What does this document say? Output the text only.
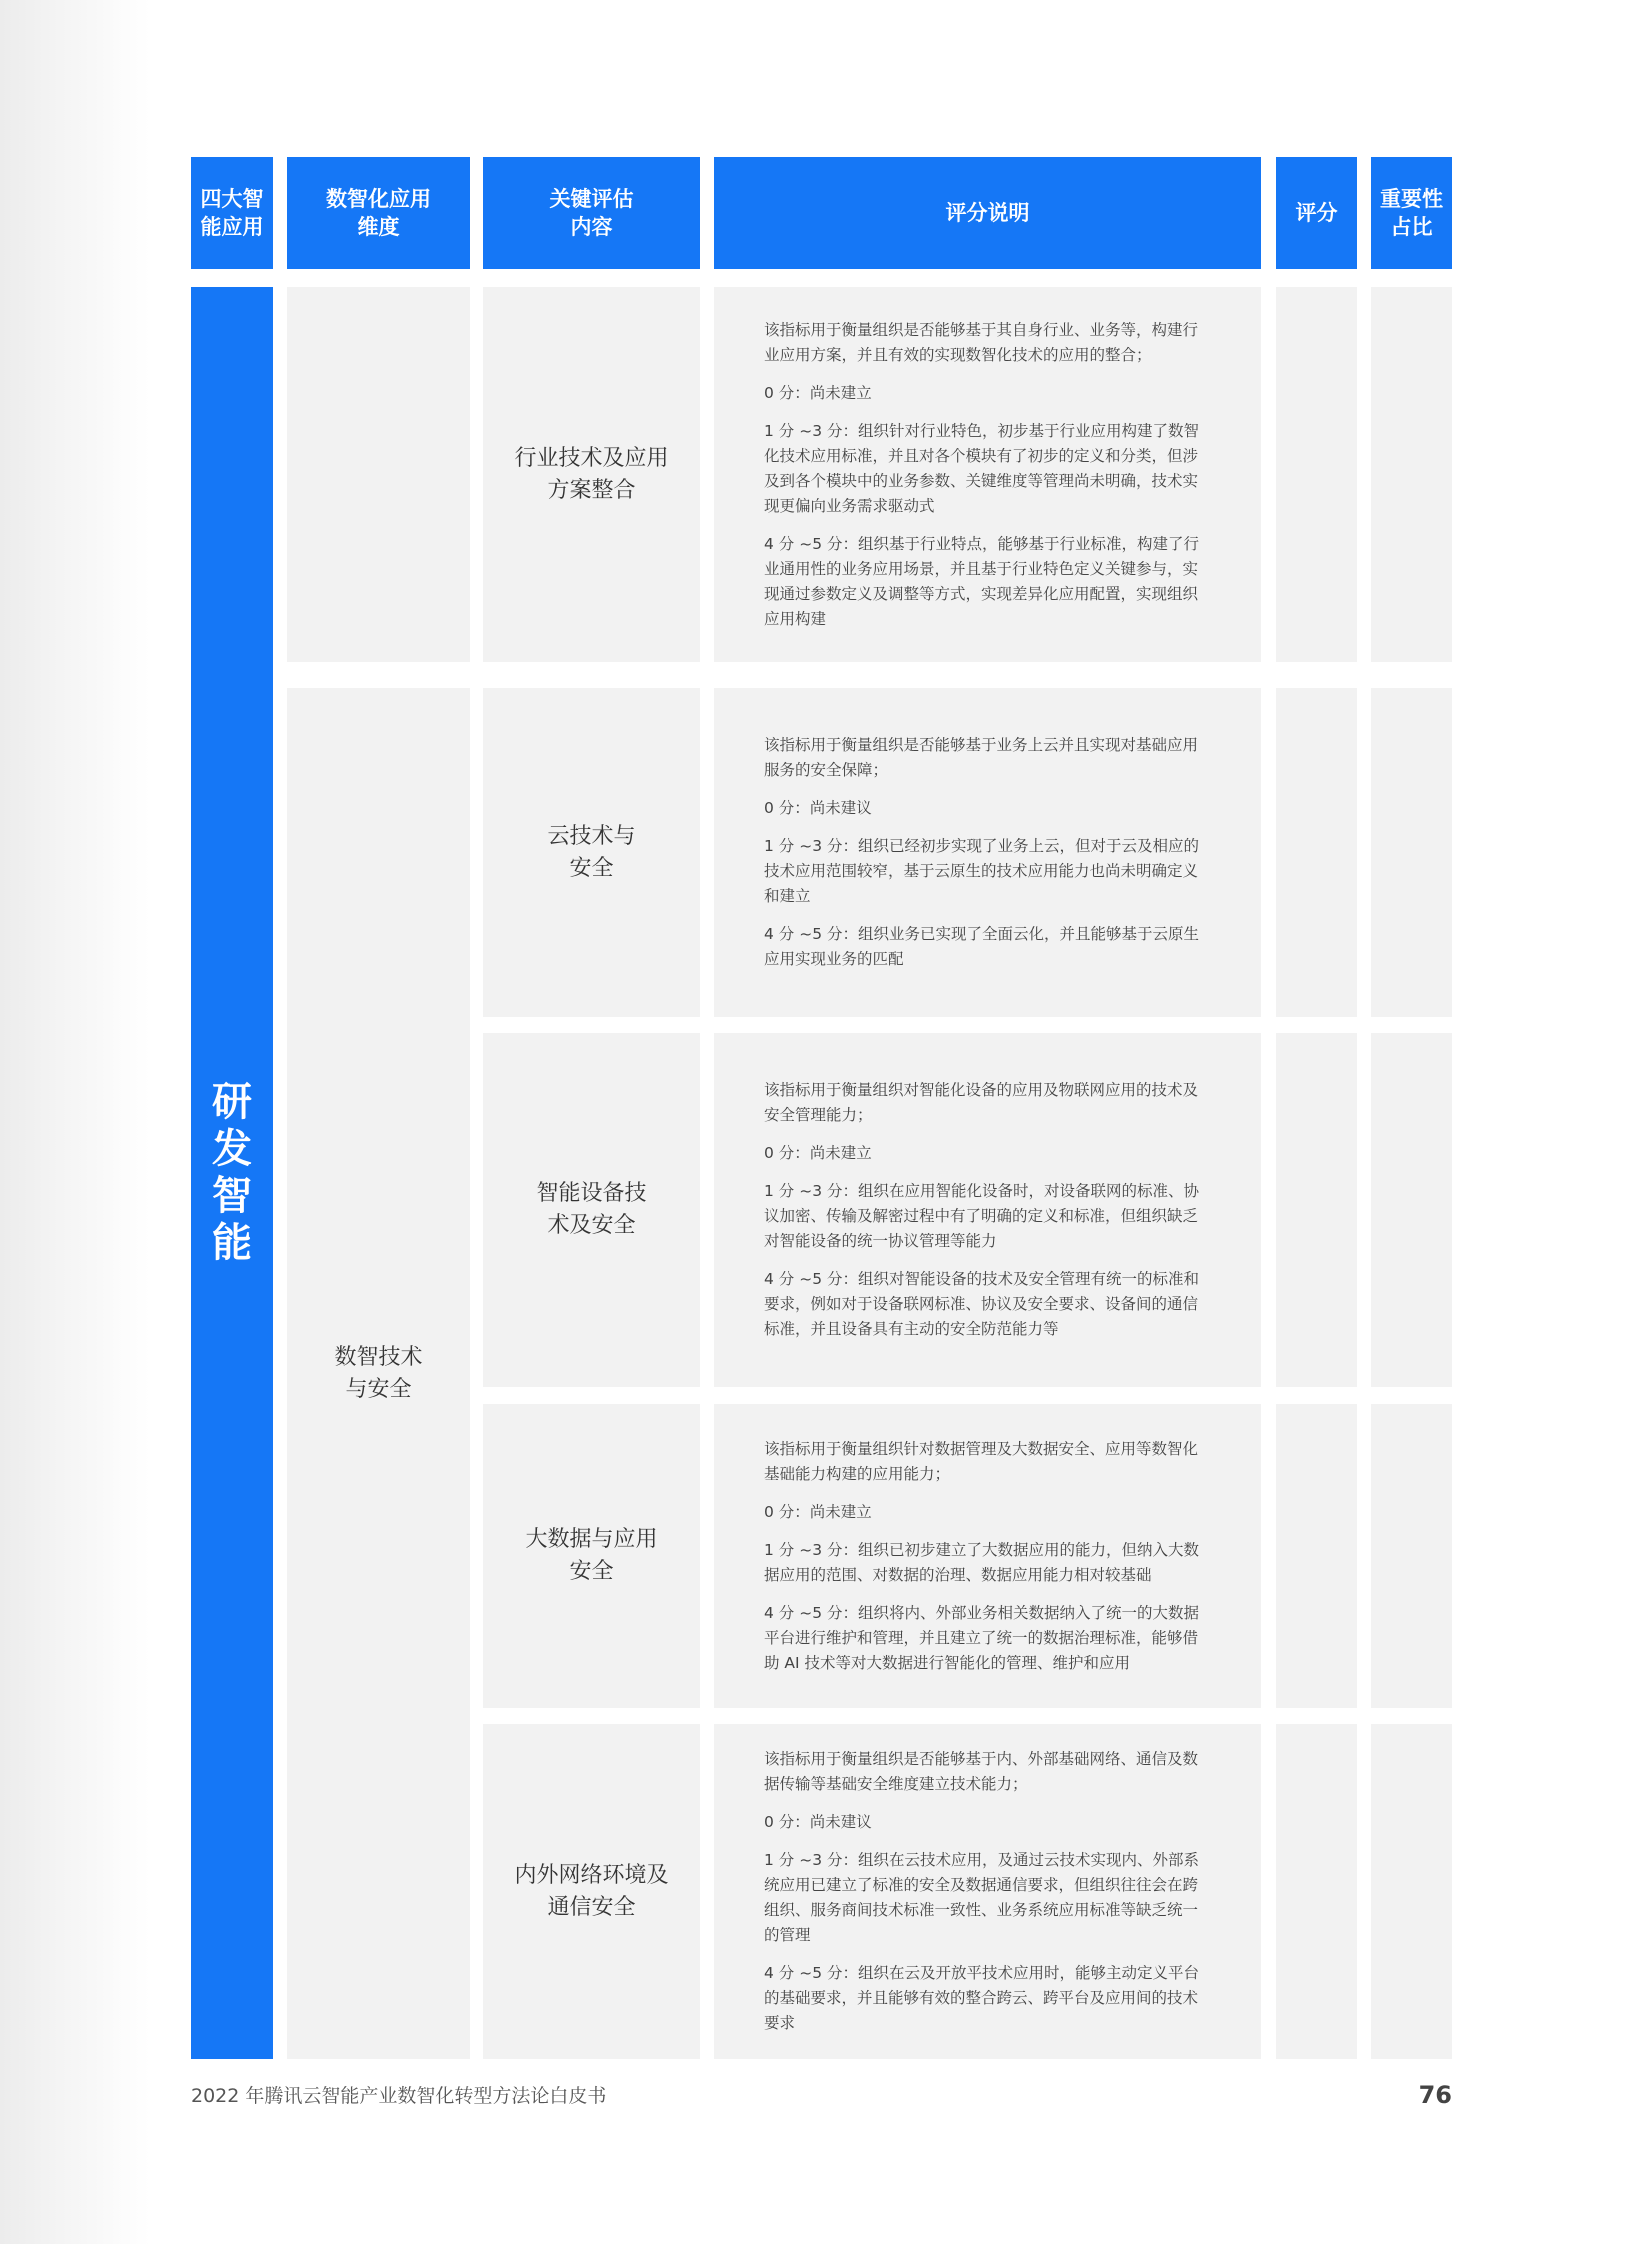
四大智
能应用
数智化应用
维度
关键评估
内容
评分说明	评分
重要性
占比
研发智能
数智技术
与安全
行业技术及应用
方案整合

该指标用于衡量组织是否能够基于其自身行业、业务等，构建行业应用方案，并且有效的实现数智化技术的应用的整合；

0 分：尚未建立

1 分 ~3 分：组织针对行业特色，初步基于行业应用构建了数智化技术应用标准，并且对各个模块有了初步的定义和分类，但涉及到各个模块中的业务参数、关键维度等管理尚未明确，技术实现更偏向业务需求驱动式

4 分 ~5 分：组织基于行业特点，能够基于行业标准，构建了行业通用性的业务应用场景，并且基于行业特色定义关键参与，实现通过参数定义及调整等方式，实现差异化应用配置，实现组织应用构建

云技术与
安全

该指标用于衡量组织是否能够基于业务上云并且实现对基础应用服务的安全保障；

0 分：尚未建议

1 分 ~3 分：组织已经初步实现了业务上云，但对于云及相应的技术应用范围较窄，基于云原生的技术应用能力也尚未明确定义和建立

4 分 ~5 分：组织业务已实现了全面云化，并且能够基于云原生应用实现业务的匹配

智能设备技
术及安全

该指标用于衡量组织对智能化设备的应用及物联网应用的技术及安全管理能力；

0 分：尚未建立

1 分 ~3 分：组织在应用智能化设备时，对设备联网的标准、协议加密、传输及解密过程中有了明确的定义和标准，但组织缺乏对智能设备的统一协议管理等能力

4 分 ~5 分：组织对智能设备的技术及安全管理有统一的标准和要求，例如对于设备联网标准、协议及安全要求、设备间的通信标准，并且设备具有主动的安全防范能力等

大数据与应用
安全

该指标用于衡量组织针对数据管理及大数据安全、应用等数智化基础能力构建的应用能力；

0 分：尚未建立

1 分 ~3 分：组织已初步建立了大数据应用的能力，但纳入大数据应用的范围、对数据的治理、数据应用能力相对较基础

4 分 ~5 分：组织将内、外部业务相关数据纳入了统一的大数据平台进行维护和管理，并且建立了统一的数据治理标准，能够借助 AI 技术等对大数据进行智能化的管理、维护和应用

内外网络环境及
通信安全

该指标用于衡量组织是否能够基于内、外部基础网络、通信及数据传输等基础安全维度建立技术能力；

0 分：尚未建议

1 分 ~3 分：组织在云技术应用，及通过云技术实现内、外部系统应用已建立了标准的安全及数据通信要求，但组织往往会在跨组织、服务商间技术标准一致性、业务系统应用标准等缺乏统一的管理

4 分 ~5 分：组织在云及开放平技术应用时，能够主动定义平台的基础要求，并且能够有效的整合跨云、跨平台及应用间的技术要求

2022 年腾讯云智能产业数智化转型方法论白皮书	76
